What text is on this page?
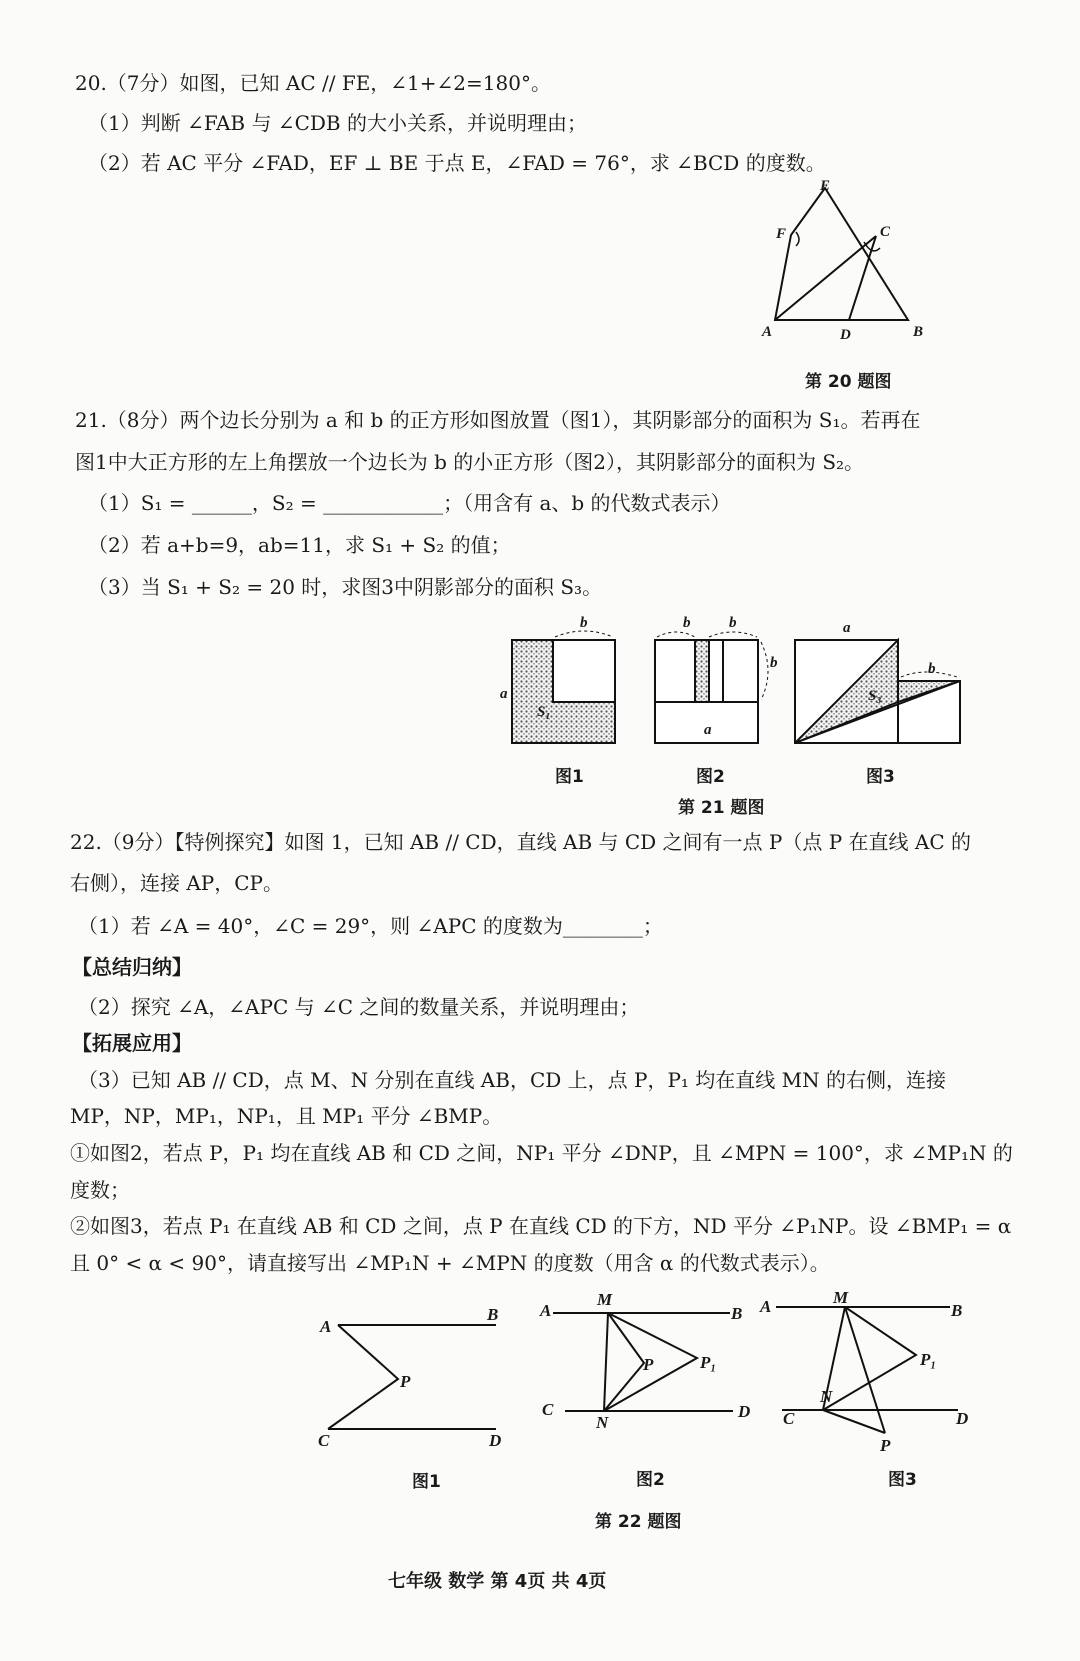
20.（7分）如图，已知 AC // FE，∠1+∠2=180°。
（1）判断 ∠FAB 与 ∠CDB 的大小关系，并说明理由；
（2）若 AC 平分 ∠FAD，EF ⊥ BE 于点 E，∠FAD = 76°，求 ∠BCD 的度数。
E
F	C
A	D	B
第 20 题图
21.（8分）两个边长分别为 a 和 b 的正方形如图放置（图1），其阴影部分的面积为 S₁。若再在
图1中大正方形的左上角摆放一个边长为 b 的小正方形（图2），其阴影部分的面积为 S₂。
（1）S₁ = ______，S₂ = ____________；（用含有 a、b 的代数式表示）
（2）若 a+b=9，ab=11，求 S₁ + S₂ 的值；
（3）当 S₁ + S₂ = 20 时，求图3中阴影部分的面积 S₃。
b
a
S₁
b	b
b
a
a
b
S₃
图1	图2	图3
第 21 题图
22.（9分）【特例探究】如图 1，已知 AB // CD，直线 AB 与 CD 之间有一点 P（点 P 在直线 AC 的
右侧），连接 AP，CP。
（1）若 ∠A = 40°，∠C = 29°，则 ∠APC 的度数为________；
【总结归纳】
（2）探究 ∠A，∠APC 与 ∠C 之间的数量关系，并说明理由；
【拓展应用】
（3）已知 AB // CD，点 M、N 分别在直线 AB，CD 上，点 P，P₁ 均在直线 MN 的右侧，连接
MP，NP，MP₁，NP₁，且 MP₁ 平分 ∠BMP。
①如图2，若点 P，P₁ 均在直线 AB 和 CD 之间，NP₁ 平分 ∠DNP，且 ∠MPN = 100°，求 ∠MP₁N 的
度数；
②如图3，若点 P₁ 在直线 AB 和 CD 之间，点 P 在直线 CD 的下方，ND 平分 ∠P₁NP。设 ∠BMP₁ = α
且 0° < α < 90°，请直接写出 ∠MP₁N + ∠MPN 的度数（用含 α 的代数式表示）。
A
B
P
C	D
图1
A
M
B
P	P₁
C
N
D
图2
A	M
B
P₁
N
C	D
P
图3
第 22 题图
七年级 数学 第 4页 共 4页
